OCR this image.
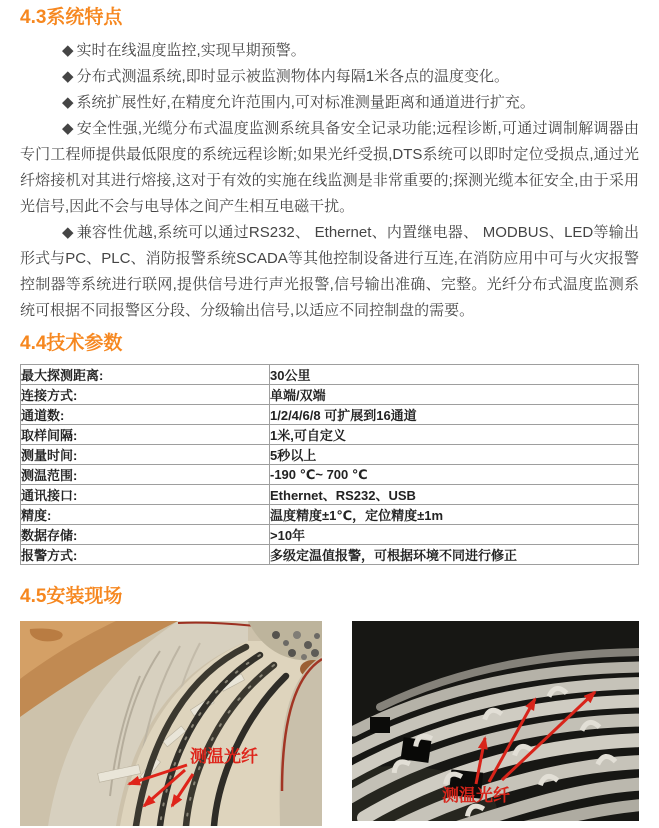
4.3系统特点

◆ 实时在线温度监控,实现早期预警。

◆ 分布式测温系统,即时显示被监测物体内每隔1米各点的温度变化。

◆ 系统扩展性好,在精度允许范围内,可对标准测量距离和通道进行扩充。

◆ 安全性强,光缆分布式温度监测系统具备安全记录功能;远程诊断,可通过调制解调器由专门工程师提供最低限度的系统远程诊断;如果光纤受损,DTS系统可以即时定位受损点,通过光纤熔接机对其进行熔接,这对于有效的实施在线监测是非常重要的;探测光缆本征安全,由于采用光信号,因此不会与电导体之间产生相互电磁干扰。

◆ 兼容性优越,系统可以通过RS232、 Ethernet、内置继电器、 MODBUS、LED等输出形式与PC、PLC、消防报警系统SCADA等其他控制设备进行互连,在消防应用中可与火灾报警控制器等系统进行联网,提供信号进行声光报警,信号输出准确、完整。光纤分布式温度监测系统可根据不同报警区分段、分级输出信号,以适应不同控制盘的需要。

4.4技术参数
最大探测距离:	30公里
连接方式:	单端/双端
通道数:	1/2/4/6/8 可扩展到16通道
取样间隔:	1米,可自定义
测量时间:	5秒以上
测温范围:	-190 ℃~ 700 ℃
通讯接口:	Ethernet、RS232、USB
精度:	温度精度±1℃，定位精度±1m
数据存储:	>10年
报警方式:	多级定温值报警，可根据环境不同进行修正
4.5安装现场
测温光纤
测温光纤
